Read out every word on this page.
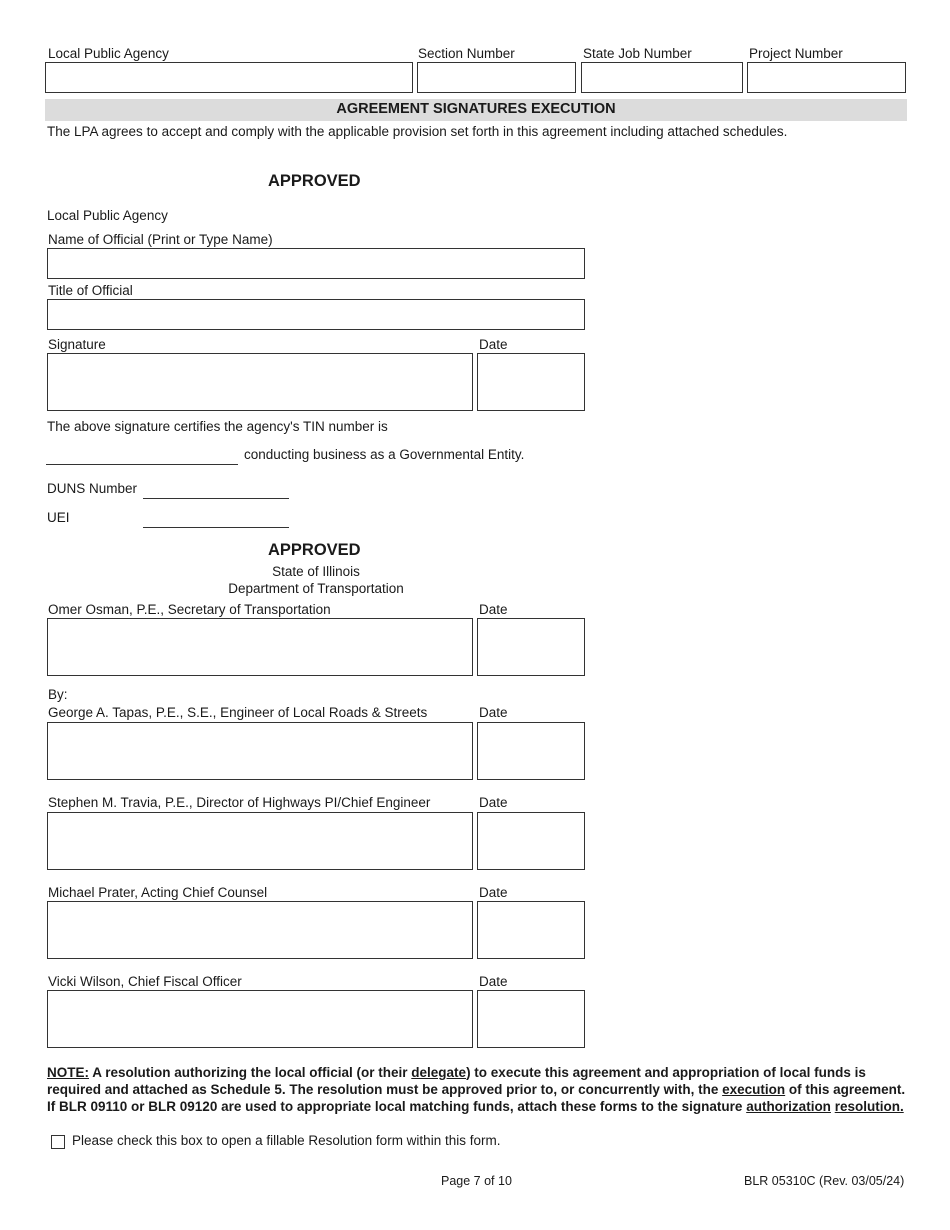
Local Public Agency	Section Number	State Job Number	Project Number
AGREEMENT SIGNATURES EXECUTION
The LPA agrees to accept and comply with the applicable provision set forth in this agreement including attached schedules.
APPROVED
Local Public Agency
Name of Official (Print or Type Name)
Title of Official
Signature	Date
The above signature certifies the agency's TIN number is
conducting business as a Governmental Entity.
DUNS Number
UEI
APPROVED
State of Illinois
Department of Transportation
Omer Osman, P.E., Secretary of Transportation	Date
By:
George A. Tapas, P.E., S.E., Engineer of Local Roads & Streets	Date
Stephen M. Travia, P.E., Director of Highways PI/Chief Engineer	Date
Michael Prater, Acting Chief Counsel	Date
Vicki Wilson, Chief Fiscal Officer	Date
NOTE: A resolution authorizing the local official (or their delegate) to execute this agreement and appropriation of local funds is required and attached as Schedule 5. The resolution must be approved prior to, or concurrently with, the execution of this agreement. If BLR 09110 or BLR 09120 are used to appropriate local matching funds, attach these forms to the signature authorization resolution.
Please check this box to open a fillable Resolution form within this form.
Page 7 of 10	BLR 05310C (Rev. 03/05/24)
